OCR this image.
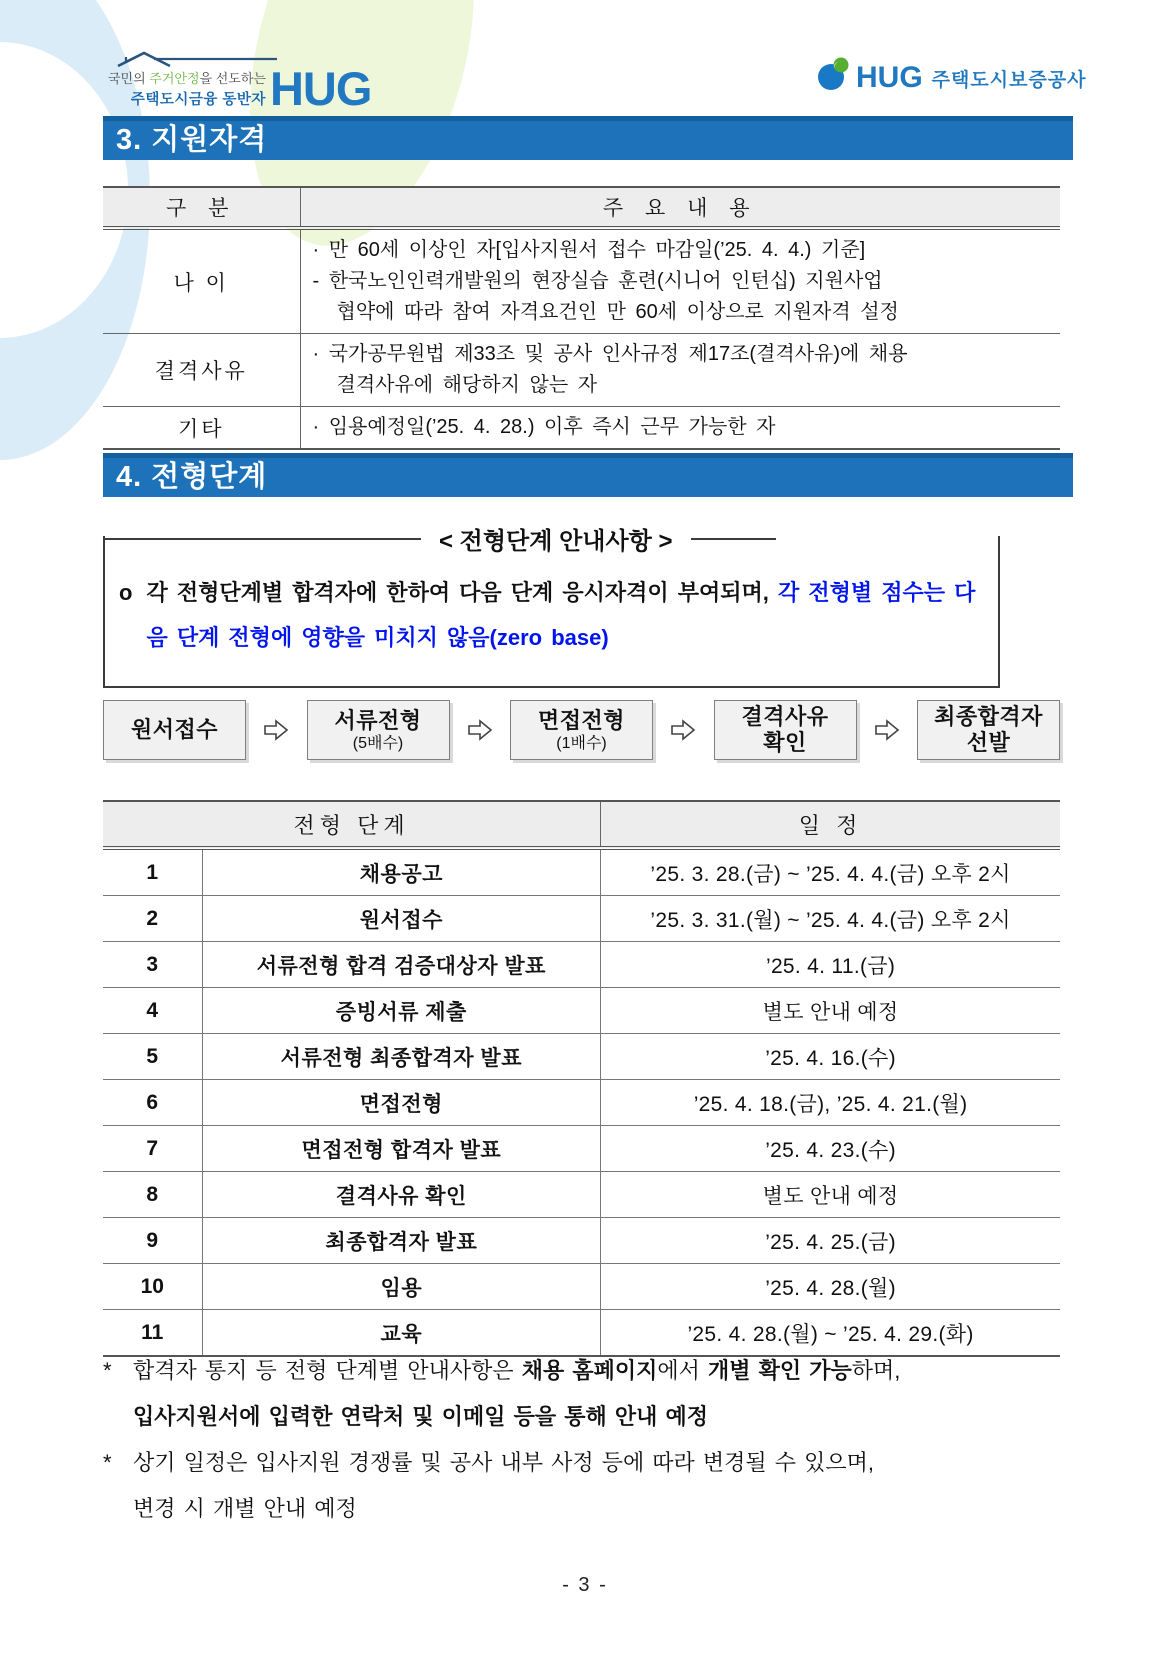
국민의 주거안정을 선도하는
주택도시금융 동반자 HUG	HUG 주택도시보증공사
3. 지원자격
구 분	주 요 내 용
나 이	· 만 60세 이상인 자[입사지원서 접수 마감일(’25. 4. 4.) 기준]
- 한국노인인력개발원의 현장실습 훈련(시니어 인턴십) 지원사업
협약에 따라 참여 자격요건인 만 60세 이상으로 지원자격 설정

결격사유	· 국가공무원법 제33조 및 공사 인사규정 제17조(결격사유)에 채용
결격사유에 해당하지 않는 자

기타	· 임용예정일(’25. 4. 28.) 이후 즉시 근무 가능한 자
4. 전형단계
< 전형단계 안내사항 >
o 각 전형단계별 합격자에 한하여 다음 단계 응시자격이 부여되며, 각 전형별 점수는 다음 단계 전형에 영향을 미치지 않음(zero base)
원서접수	서류전형
(5배수)
면접전형
(1배수)
결격사유
확인
최종합격자
선발
전형 단계		일 정
1	채용공고	’25. 3. 28.(금) ~ ’25. 4. 4.(금) 오후 2시
2	원서접수	’25. 3. 31.(월) ~ ’25. 4. 4.(금) 오후 2시
3	서류전형 합격 검증대상자 발표	’25. 4. 11.(금)
4	증빙서류 제출	별도 안내 예정
5	서류전형 최종합격자 발표	’25. 4. 16.(수)
6	면접전형	’25. 4. 18.(금), ’25. 4. 21.(월)
7	면접전형 합격자 발표	’25. 4. 23.(수)
8	결격사유 확인	별도 안내 예정
9	최종합격자 발표	’25. 4. 25.(금)
10	임용	’25. 4. 28.(월)
11	교육	’25. 4. 28.(월) ~ ’25. 4. 29.(화)
* 합격자 통지 등 전형 단계별 안내사항은 채용 홈페이지에서 개별 확인 가능하며,
입사지원서에 입력한 연락처 및 이메일 등을 통해 안내 예정
* 상기 일정은 입사지원 경쟁률 및 공사 내부 사정 등에 따라 변경될 수 있으며,
변경 시 개별 안내 예정
- 3 -
